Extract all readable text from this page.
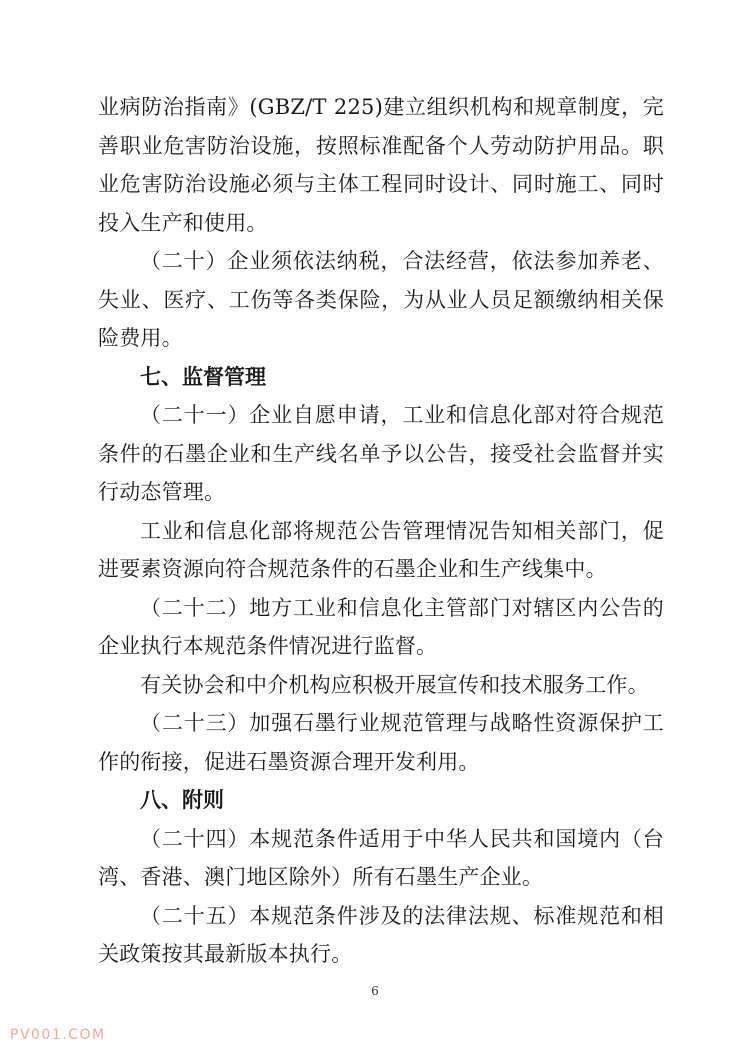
业病防治指南》(GBZ/T 225)建立组织机构和规章制度，完善职业危害防治设施，按照标准配备个人劳动防护用品。职业危害防治设施必须与主体工程同时设计、同时施工、同时投入生产和使用。

（二十）企业须依法纳税，合法经营，依法参加养老、失业、医疗、工伤等各类保险，为从业人员足额缴纳相关保险费用。

七、监督管理

（二十一）企业自愿申请，工业和信息化部对符合规范条件的石墨企业和生产线名单予以公告，接受社会监督并实行动态管理。

工业和信息化部将规范公告管理情况告知相关部门，促进要素资源向符合规范条件的石墨企业和生产线集中。

（二十二）地方工业和信息化主管部门对辖区内公告的企业执行本规范条件情况进行监督。

有关协会和中介机构应积极开展宣传和技术服务工作。

（二十三）加强石墨行业规范管理与战略性资源保护工作的衔接，促进石墨资源合理开发利用。

八、附则

（二十四）本规范条件适用于中华人民共和国境内（台湾、香港、澳门地区除外）所有石墨生产企业。

（二十五）本规范条件涉及的法律法规、标准规范和相关政策按其最新版本执行。

6
PV001.COM
